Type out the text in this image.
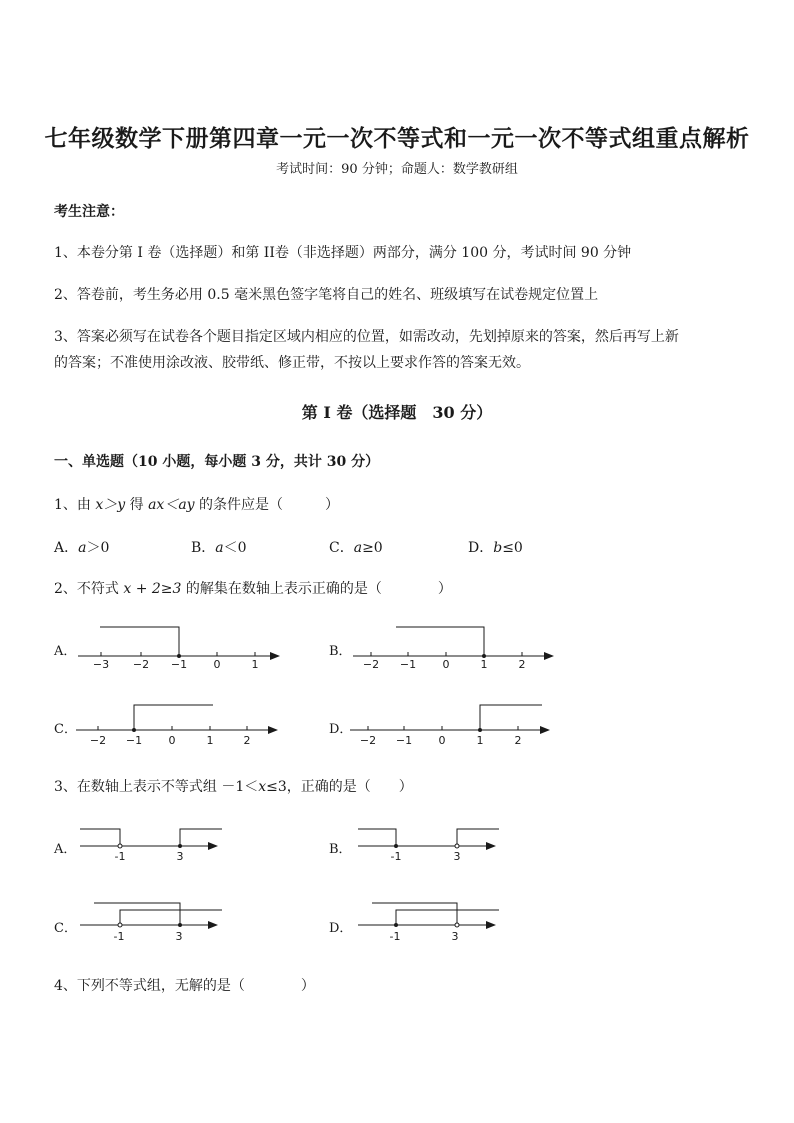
七年级数学下册第四章一元一次不等式和一元一次不等式组重点解析
考试时间：90 分钟；命题人：数学教研组
考生注意：
1、本卷分第 I 卷（选择题）和第 II卷（非选择题）两部分，满分 100 分，考试时间 90 分钟
2、答卷前，考生务必用 0.5 毫米黑色签字笔将自己的姓名、班级填写在试卷规定位置上
3、答案必须写在试卷各个题目指定区域内相应的位置，如需改动，先划掉原来的答案，然后再写上新
的答案；不准使用涂改液、胶带纸、修正带，不按以上要求作答的答案无效。
第 I 卷（选择题　30 分）
一、单选题（10 小题，每小题 3 分，共计 30 分）
1、由 x＞y 得 ax＜ay 的条件应是（　　　）
A．a＞0	B．a＜0	C．a≥0	D．b≤0
2、不符式 x + 2≥3 的解集在数轴上表示正确的是（　　　　）
A．
−3 −2 −1 0	1
B．
−2 −1 0	1	2
C．
−2 −1 0	1	2
D．
−2 −1 0	1	2
3、在数轴上表示不等式组 －1＜x≤3，正确的是（　　）
A．	-1	3	B．	-1	3
C．
-1	3
D．
-1	3
4、下列不等式组，无解的是（　　　　）
